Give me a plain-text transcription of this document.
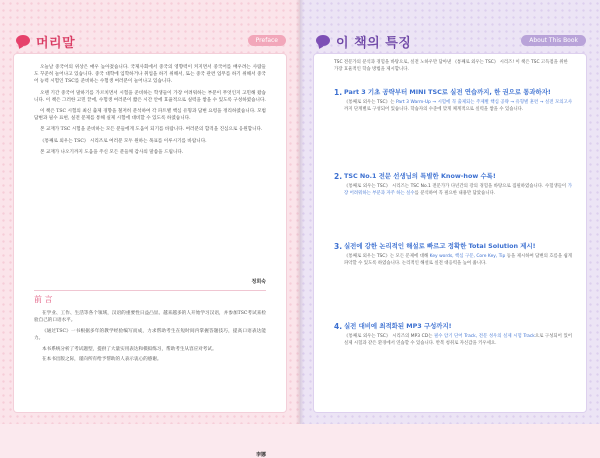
머리말	Preface

오늘날 중국어의 위상은 매우 높아졌습니다. 국제사회에서 중국의 영향력이 커지면서 중국어를 배우려는 사람들도 꾸준히 늘어나고 있습니다. 중국 대학에 입학하거나 취업을 하기 위해서, 또는 중국 관련 업무를 하기 위해서 중국어 능력 시험인 TSC를 준비하는 수험생 여러분이 늘어나고 있습니다.

오랜 기간 중국어 말하기를 가르치면서 시험을 준비하는 학생들이 가장 어려워하는 부분이 무엇인지 고민해 왔습니다. 이 책은 그러한 고민 끝에, 수험생 여러분이 짧은 시간 안에 효율적으로 실력을 쌓을 수 있도록 구성하였습니다.

이 책은 TSC 시험의 최신 출제 경향을 철저히 분석하여 각 파트별 핵심 유형과 답변 요령을 정리하였습니다. 모범 답변과 필수 표현, 실전 문제를 통해 실제 시험에 대비할 수 있도록 하였습니다.

본 교재가 TSC 시험을 준비하는 모든 분들에게 도움이 되기를 바랍니다. 여러분의 합격을 진심으로 응원합니다.

《통째로 외우는 TSC》 시리즈로 여러분 모두 원하는 목표를 이루시기를 바랍니다.

본 교재가 나오기까지 도움을 주신 모든 분들께 감사의 말씀을 드립니다.

정희숙
前 言

在学业、工作、生活等各个领域，汉语的重要性日益凸显。越来越多的人开始学习汉语，并参加TSC考试来检验自己的口语水平。

《通过TSC》一书根据多年的教学经验编写而成，力求帮助考生在短时间内掌握答题技巧，提高口语表达能力。

本书系统分析了考试题型，提供了大量实用表达和模拟练习，帮助考生从容应对考试。

在本书出版之际，谨向所有给予帮助的人表示衷心的感谢。

李娜
이 책의 특징	About This Book
TSC 전문가의 분석과 경험을 바탕으로, 실전 노하우만 담아낸 《통째로 외우는 TSC》 시리즈! 이 책은 TSC 고득점을 위한 가장 효율적인 학습 방법을 제시합니다.
1. Part 3 기초 공략부터 MINI TSC로 실전 연습까지, 한 권으로 통과하자!

《통째로 외우는 TSC》는 Part 3 Warm-Up → 시험에 꼭 출제되는 주제별 핵심 공략 → 유형별 훈련 → 실전 모의고사까지 단계별로 구성되어 있습니다. 학습자의 수준에 맞게 체계적으로 실력을 쌓을 수 있습니다.

2. TSC No.1 전문 선생님의 특별한 Know-how 수록!

《통째로 외우는 TSC》 시리즈는 TSC No.1 전문가가 다년간의 강의 경험을 바탕으로 집필하였습니다. 수험생들이 가장 어려워하는 부분과 자주 하는 실수를 분석하여 꼭 필요한 내용만 담았습니다.

3. 실전에 강한 논리적인 해설로 빠르고 정확한 Total Solution 제시!

《통째로 외우는 TSC》는 모든 문제에 대해 Key words, 핵심 구문, Core Key, Tip 등을 제시하여 답변의 흐름을 쉽게 파악할 수 있도록 하였습니다. 논리적인 해설로 실전 대응력을 높여 줍니다.

4. 실전 대비에 최적화된 MP3 구성까지!

《통째로 외우는 TSC》 시리즈의 MP3 CD는 필수 암기 단어 Track, 전문 성우의 실제 시험 Track으로 구성되어 있어 실제 시험과 같은 환경에서 연습할 수 있습니다. 반복 청취로 자신감을 키우세요.
